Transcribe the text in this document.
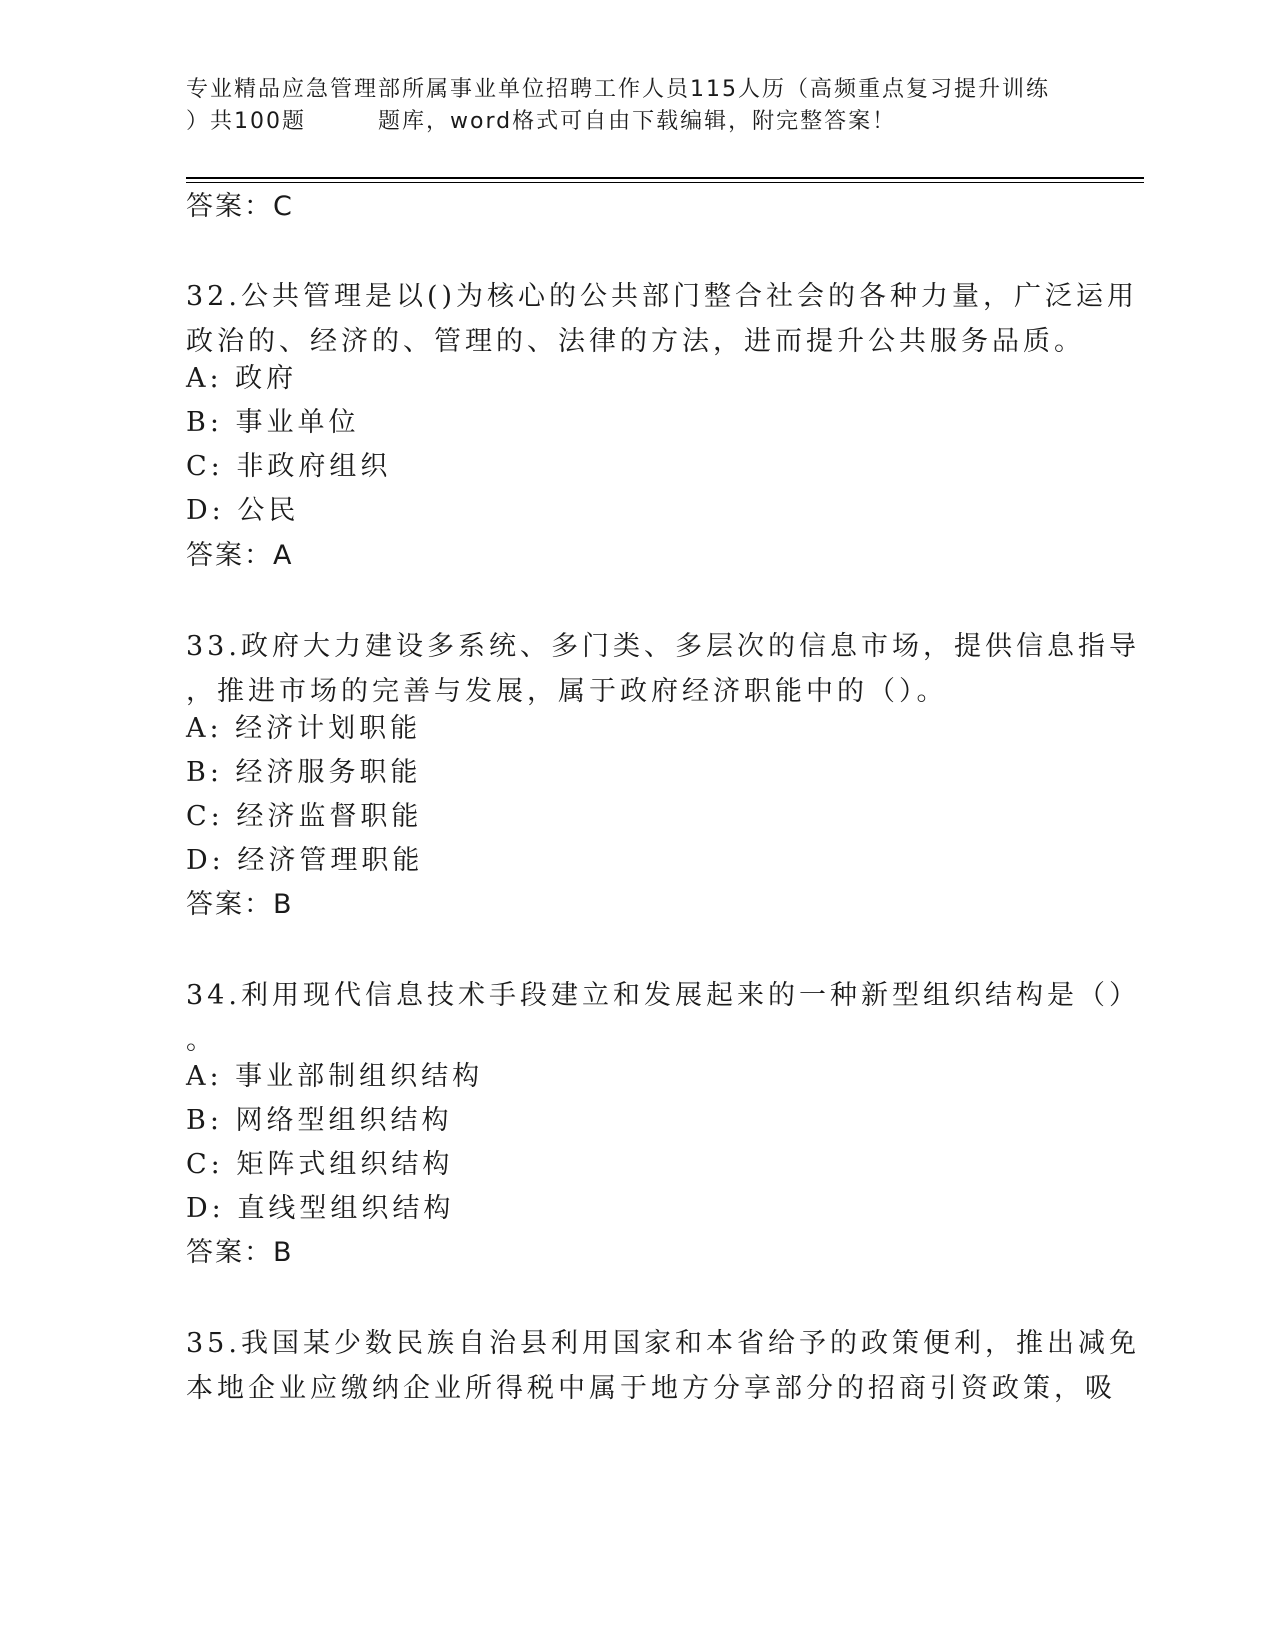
专业精品应急管理部所属事业单位招聘工作人员115人历（高频重点复习提升训练
）共100题	题库，word格式可自由下载编辑，附完整答案！
答案：C
32.公共管理是以()为核心的公共部门整合社会的各种力量，广泛运用
政治的、经济的、管理的、法律的方法，进而提升公共服务品质。
A: 政府
B: 事业单位
C: 非政府组织
D: 公民
答案：A
33.政府大力建设多系统、多门类、多层次的信息市场，提供信息指导
，推进市场的完善与发展，属于政府经济职能中的（）。
A: 经济计划职能
B: 经济服务职能
C: 经济监督职能
D: 经济管理职能
答案：B
34.利用现代信息技术手段建立和发展起来的一种新型组织结构是（）
。
A: 事业部制组织结构
B: 网络型组织结构
C: 矩阵式组织结构
D: 直线型组织结构
答案：B
35.我国某少数民族自治县利用国家和本省给予的政策便利，推出减免
本地企业应缴纳企业所得税中属于地方分享部分的招商引资政策，吸
